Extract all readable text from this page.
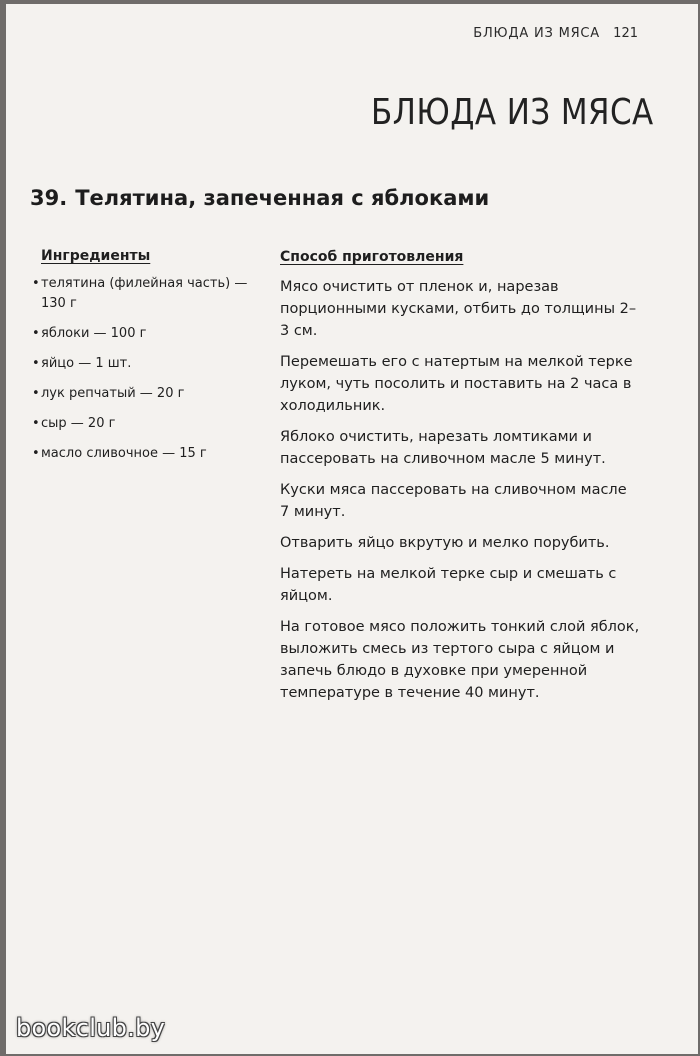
БЛЮДА ИЗ МЯСА 121
БЛЮДА ИЗ МЯСА
39. Телятина, запеченная с яблоками
Ингредиенты
• телятина (филейная часть) — 130 г
• яблоки — 100 г
• яйцо — 1 шт.
• лук репчатый — 20 г
• сыр — 20 г
• масло сливочное — 15 г
Способ приготовления

Мясо очистить от пленок и, нарезав порционными кусками, отбить до толщины 2–3 см.

Перемешать его с натертым на мелкой терке луком, чуть посолить и поставить на 2 часа в холодильник.

Яблоко очистить, нарезать ломтиками и пассеровать на сливочном масле 5 минут.

Куски мяса пассеровать на сливочном масле 7 минут.

Отварить яйцо вкрутую и мелко порубить.

Натереть на мелкой терке сыр и смешать с яйцом.

На готовое мясо положить тонкий слой яблок, выложить смесь из тертого сыра с яйцом и запечь блюдо в духовке при умеренной температуре в течение 40 минут.

bookclub.by
